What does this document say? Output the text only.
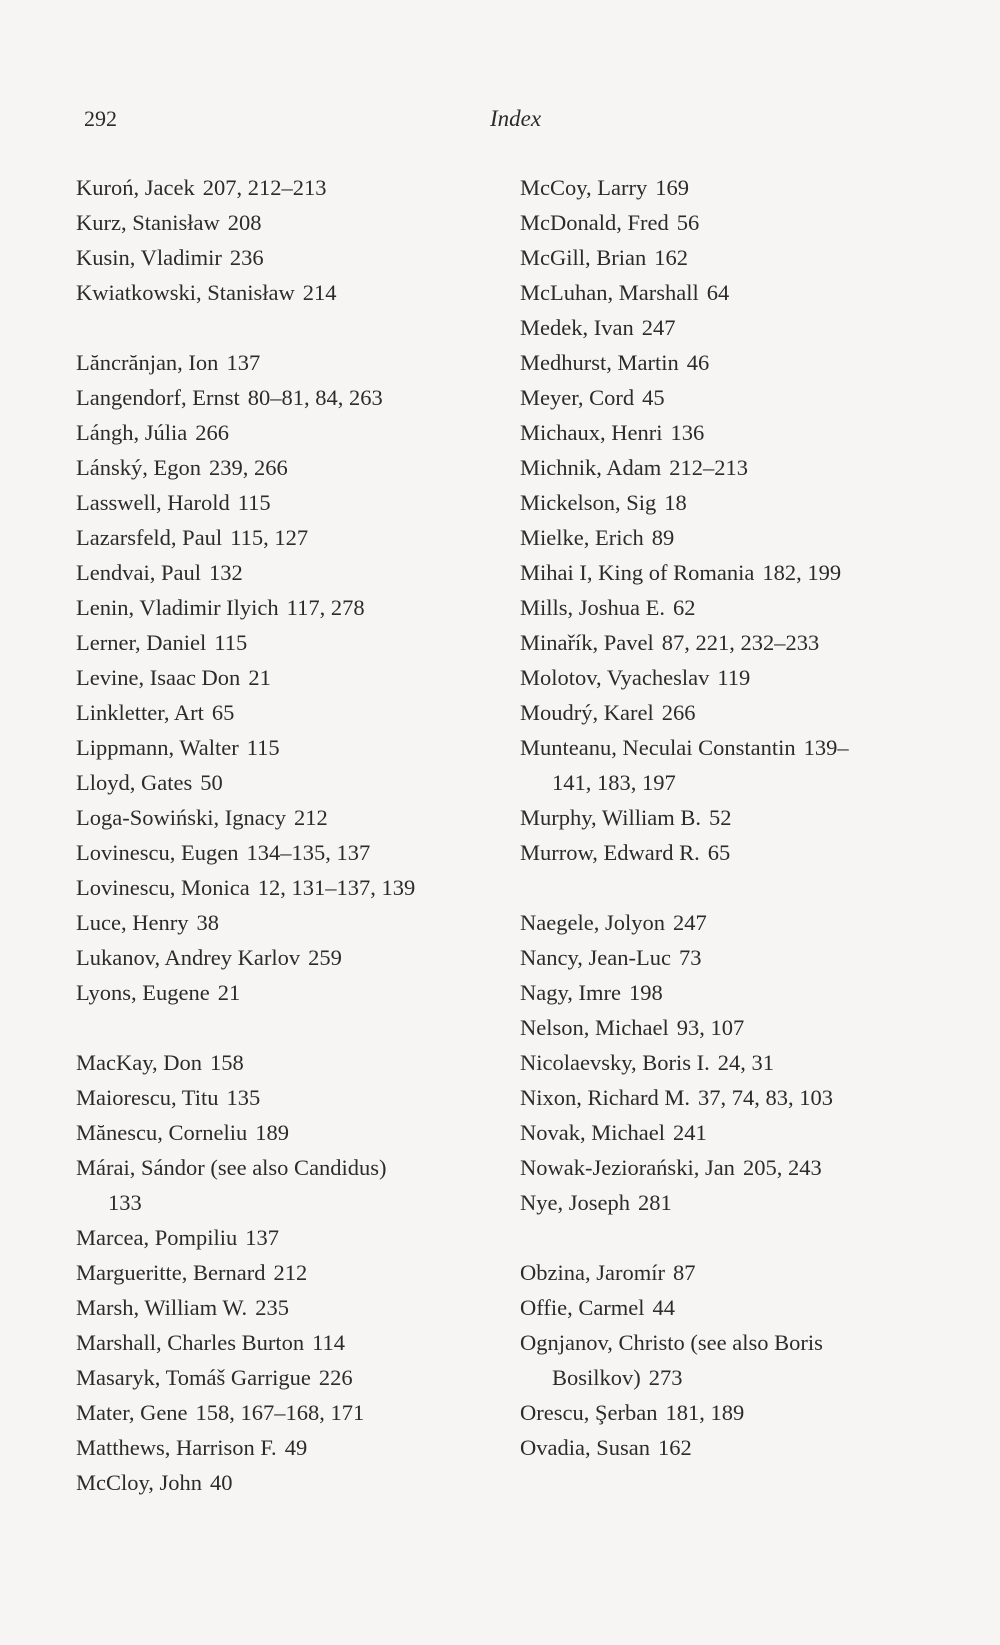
292	Index
Kuroń, Jacek 207, 212–213
Kurz, Stanisław 208
Kusin, Vladimir 236
Kwiatkowski, Stanisław 214
Lăncrănjan, Ion 137
Langendorf, Ernst 80–81, 84, 263
Lángh, Júlia 266
Lánský, Egon 239, 266
Lasswell, Harold 115
Lazarsfeld, Paul 115, 127
Lendvai, Paul 132
Lenin, Vladimir Ilyich 117, 278
Lerner, Daniel 115
Levine, Isaac Don 21
Linkletter, Art 65
Lippmann, Walter 115
Lloyd, Gates 50
Loga-Sowiński, Ignacy 212
Lovinescu, Eugen 134–135, 137
Lovinescu, Monica 12, 131–137, 139
Luce, Henry 38
Lukanov, Andrey Karlov 259
Lyons, Eugene 21
MacKay, Don 158
Maiorescu, Titu 135
Mănescu, Corneliu 189
Márai, Sándor (see also Candidus)
133
Marcea, Pompiliu 137
Margueritte, Bernard 212
Marsh, William W. 235
Marshall, Charles Burton 114
Masaryk, Tomáš Garrigue 226
Mater, Gene 158, 167–168, 171
Matthews, Harrison F. 49
McCloy, John 40
McCoy, Larry 169
McDonald, Fred 56
McGill, Brian 162
McLuhan, Marshall 64
Medek, Ivan 247
Medhurst, Martin 46
Meyer, Cord 45
Michaux, Henri 136
Michnik, Adam 212–213
Mickelson, Sig 18
Mielke, Erich 89
Mihai I, King of Romania 182, 199
Mills, Joshua E. 62
Minařík, Pavel 87, 221, 232–233
Molotov, Vyacheslav 119
Moudrý, Karel 266
Munteanu, Neculai Constantin 139–
141, 183, 197
Murphy, William B. 52
Murrow, Edward R. 65
Naegele, Jolyon 247
Nancy, Jean-Luc 73
Nagy, Imre 198
Nelson, Michael 93, 107
Nicolaevsky, Boris I. 24, 31
Nixon, Richard M. 37, 74, 83, 103
Novak, Michael 241
Nowak-Jeziorański, Jan 205, 243
Nye, Joseph 281
Obzina, Jaromír 87
Offie, Carmel 44
Ognjanov, Christo (see also Boris
Bosilkov) 273
Orescu, Şerban 181, 189
Ovadia, Susan 162
